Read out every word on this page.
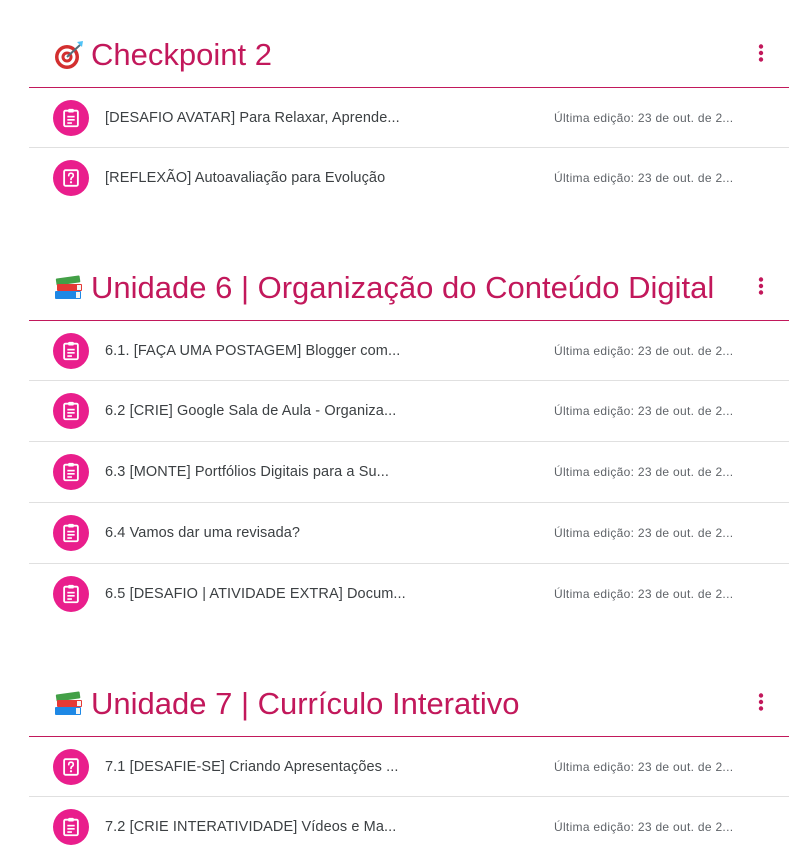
Checkpoint 2
[DESAFIO AVATAR] Para Relaxar, Aprende...	Última edição: 23 de out. de 2...
[REFLEXÃO] Autoavaliação para Evolução	Última edição: 23 de out. de 2...
Unidade 6 | Organização do Conteúdo Digital
6.1. [FAÇA UMA POSTAGEM] Blogger com...	Última edição: 23 de out. de 2...
6.2 [CRIE] Google Sala de Aula - Organiza...	Última edição: 23 de out. de 2...
6.3 [MONTE] Portfólios Digitais para a Su...	Última edição: 23 de out. de 2...
6.4 Vamos dar uma revisada?	Última edição: 23 de out. de 2...
6.5 [DESAFIO | ATIVIDADE EXTRA] Docum...	Última edição: 23 de out. de 2...
Unidade 7 | Currículo Interativo
7.1 [DESAFIE-SE] Criando Apresentações ...	Última edição: 23 de out. de 2...
7.2 [CRIE INTERATIVIDADE] Vídeos e Ma...	Última edição: 23 de out. de 2...
